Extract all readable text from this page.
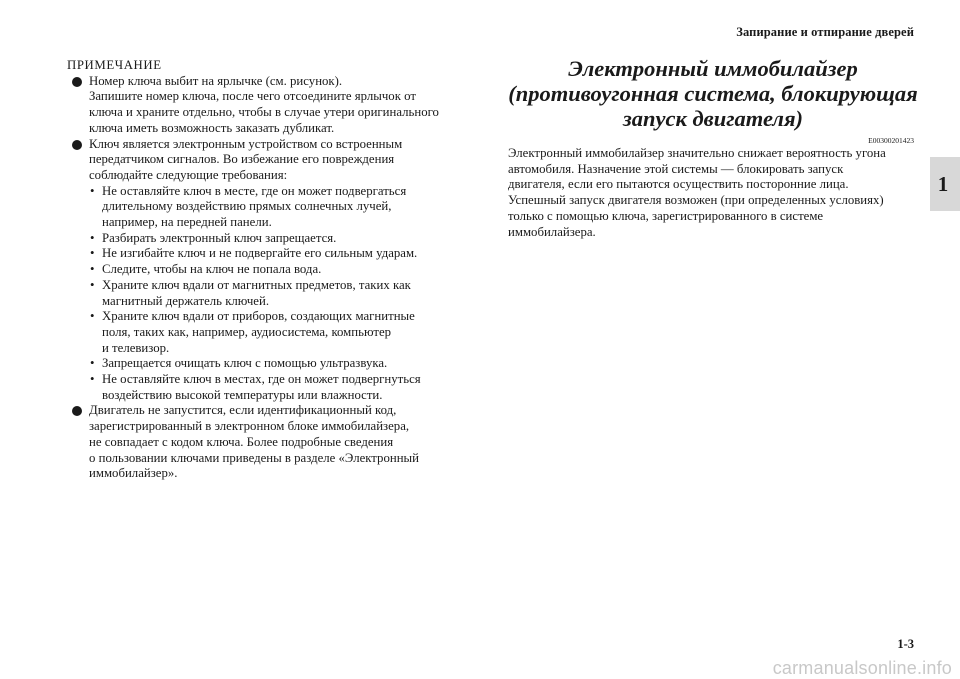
Запирание и отпирание дверей
1
ПРИМЕЧАНИЕ
Номер ключа выбит на ярлычке (см. рисунок).
Запишите номер ключа, после чего отсоедините ярлычок от
ключа и храните отдельно, чтобы в случае утери оригинального
ключа иметь возможность заказать дубликат.
Ключ является электронным устройством со встроенным
передатчиком сигналов. Во избежание его повреждения
соблюдайте следующие требования:
• Не оставляйте ключ в месте, где он может подвергаться
длительному воздействию прямых солнечных лучей,
например, на передней панели.
• Разбирать электронный ключ запрещается.
• Не изгибайте ключ и не подвергайте его сильным ударам.
• Следите, чтобы на ключ не попала вода.
• Храните ключ вдали от магнитных предметов, таких как
магнитный держатель ключей.
• Храните ключ вдали от приборов, создающих магнитные
поля, таких как, например, аудиосистема, компьютер
и телевизор.
• Запрещается очищать ключ с помощью ультразвука.
• Не оставляйте ключ в местах, где он может подвергнуться
воздействию высокой температуры или влажности.
Двигатель не запустится, если идентификационный код,
зарегистрированный в электронном блоке иммобилайзера,
не совпадает с кодом ключа. Более подробные сведения
о пользовании ключами приведены в разделе «Электронный
иммобилайзер».
Электронный иммобилайзер
(противоугонная система, блокирующая
запуск двигателя)
E00300201423
Электронный иммобилайзер значительно снижает вероятность угона
автомобиля. Назначение этой системы — блокировать запуск
двигателя, если его пытаются осуществить посторонние лица.
Успешный запуск двигателя возможен (при определенных условиях)
только с помощью ключа, зарегистрированного в системе
иммобилайзера.
1-3
carmanualsonline.info
